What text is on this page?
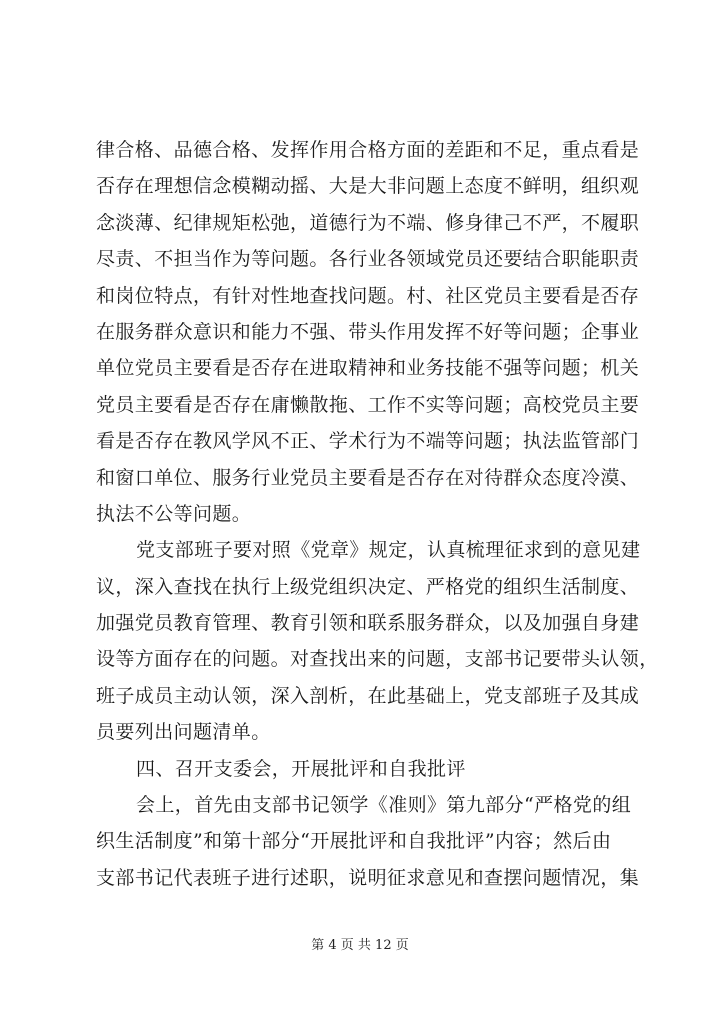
律合格、品德合格、发挥作用合格方面的差距和不足，重点看是
否存在理想信念模糊动摇、大是大非问题上态度不鲜明，组织观
念淡薄、纪律规矩松弛，道德行为不端、修身律己不严，不履职
尽责、不担当作为等问题。各行业各领域党员还要结合职能职责
和岗位特点，有针对性地查找问题。村、社区党员主要看是否存
在服务群众意识和能力不强、带头作用发挥不好等问题；企事业
单位党员主要看是否存在进取精神和业务技能不强等问题；机关
党员主要看是否存在庸懒散拖、工作不实等问题；高校党员主要
看是否存在教风学风不正、学术行为不端等问题；执法监管部门
和窗口单位、服务行业党员主要看是否存在对待群众态度冷漠、
执法不公等问题。
党支部班子要对照《党章》规定，认真梳理征求到的意见建
议，深入查找在执行上级党组织决定、严格党的组织生活制度、
加强党员教育管理、教育引领和联系服务群众，以及加强自身建
设等方面存在的问题。对查找出来的问题，支部书记要带头认领，
班子成员主动认领，深入剖析，在此基础上，党支部班子及其成
员要列出问题清单。
四、召开支委会，开展批评和自我批评
会上，首先由支部书记领学《准则》第九部分“严格党的组
织生活制度”和第十部分“开展批评和自我批评”内容；然后由
支部书记代表班子进行述职，说明征求意见和查摆问题情况，集
第 4 页 共 12 页
